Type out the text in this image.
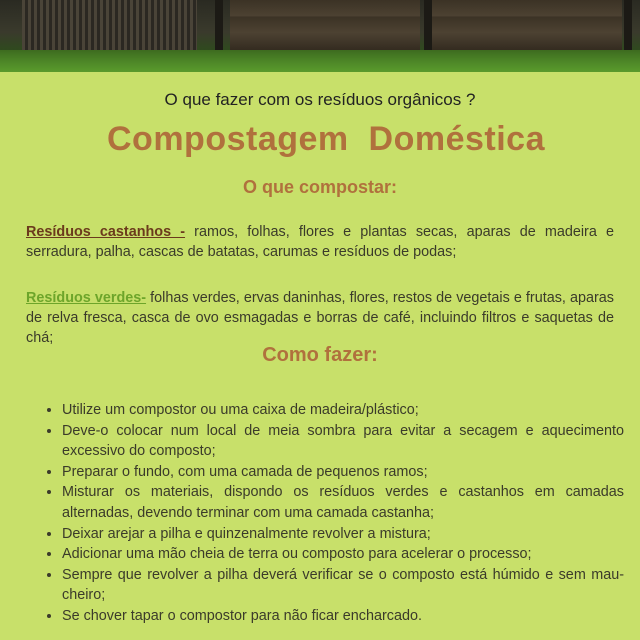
O que fazer com os resíduos orgânicos ?
Compostagem  Doméstica
O que compostar:
Resíduos castanhos - ramos, folhas, flores e plantas secas, aparas de madeira e serradura, palha, cascas de batatas, carumas e resíduos de podas;
Resíduos verdes- folhas verdes, ervas daninhas, flores, restos de vegetais e frutas, aparas de relva fresca, casca de ovo esmagadas e borras de café, incluindo filtros e saquetas de chá;
Como fazer:
• Utilize um compostor ou uma caixa de madeira/plástico;
• Deve-o colocar num local de meia sombra para evitar a secagem e aquecimento excessivo do composto;
• Preparar o fundo, com uma camada de pequenos ramos;
• Misturar os materiais, dispondo os resíduos verdes e castanhos em camadas alternadas, devendo terminar com uma camada castanha;
• Deixar arejar a pilha e quinzenalmente revolver a mistura;
• Adicionar uma mão cheia de terra ou composto para acelerar o processo;
• Sempre que revolver a pilha deverá verificar se o composto está húmido e sem mau-cheiro;
• Se chover tapar o compostor para não ficar encharcado.
